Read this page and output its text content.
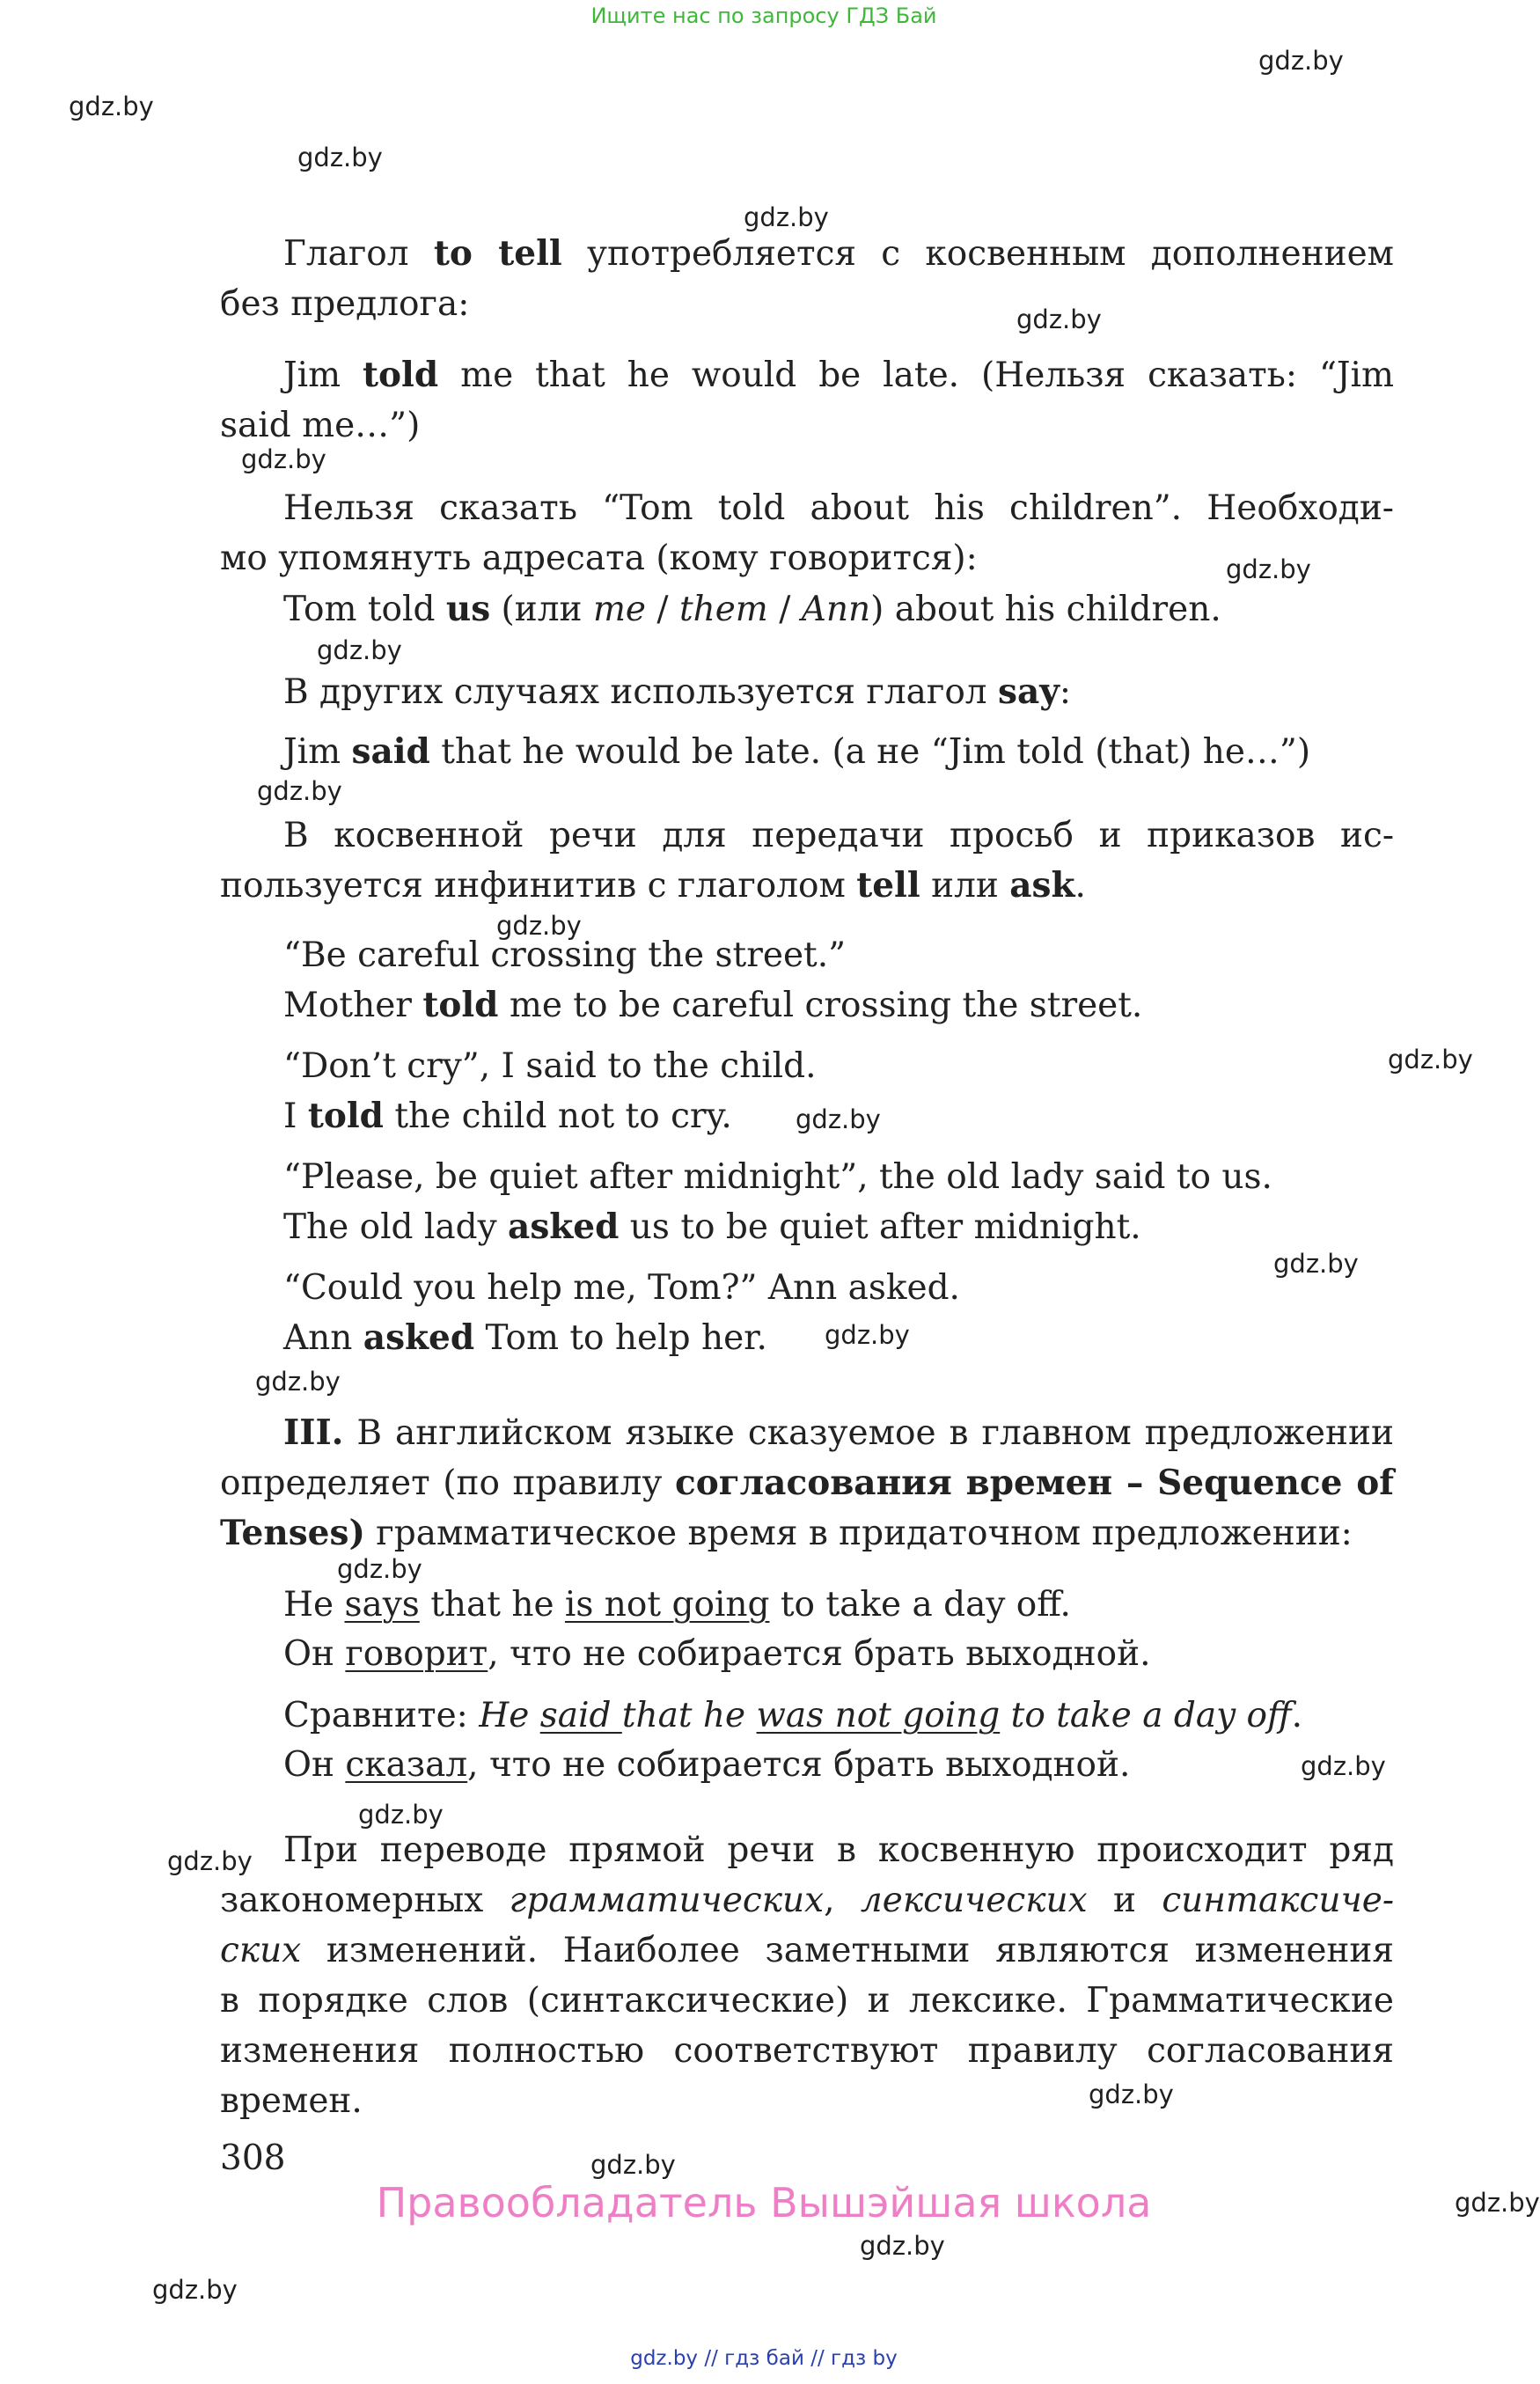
Ищите нас по запросу ГДЗ Бай
gdz.by
gdz.by
gdz.by
gdz.by
gdz.by
gdz.by
gdz.by
gdz.by
gdz.by
gdz.by
gdz.by
gdz.by
gdz.by
gdz.by
gdz.by
gdz.by
gdz.by
gdz.by
gdz.by
gdz.by
gdz.by
gdz.by
gdz.by
gdz.by
Глагол to tell употребляется с косвенным дополнением
без предлога:
Jim told me that he would be late. (Нельзя сказать: “Jim
said me…”)
Нельзя сказать “Tom told about his children”. Необходи-
мо упомянуть адресата (кому говорится):
Tom told us (или me / them / Ann) about his children.
В других случаях используется глагол say:
Jim said that he would be late. (а не “Jim told (that) he…”)
В косвенной речи для передачи просьб и приказов ис-
пользуется инфинитив с глаголом tell или ask.
“Be careful crossing the street.”
Mother told me to be careful crossing the street.
“Don’t cry”, I said to the child.
I told the child not to cry.
“Please, be quiet after midnight”, the old lady said to us.
The old lady asked us to be quiet after midnight.
“Could you help me, Tom?” Ann asked.
Ann asked Tom to help her.
III. В английском языке сказуемое в главном предложении
определяет (по правилу согласования времен – Sequence of
Tenses) грамматическое время в придаточном предложении:
He says that he is not going to take a day off.
Он говорит, что не собирается брать выходной.
Сравните: He said that he was not going to take a day off.
Он сказал, что не собирается брать выходной.
При переводе прямой речи в косвенную происходит ряд
закономерных грамматических, лексических и синтаксиче-
ских изменений. Наиболее заметными являются изменения
в порядке слов (синтаксические) и лексике. Грамматические
изменения полностью соответствуют правилу согласования
времен.
308
Правообладатель Вышэйшая школа
gdz.by // гдз бай // гдз by
